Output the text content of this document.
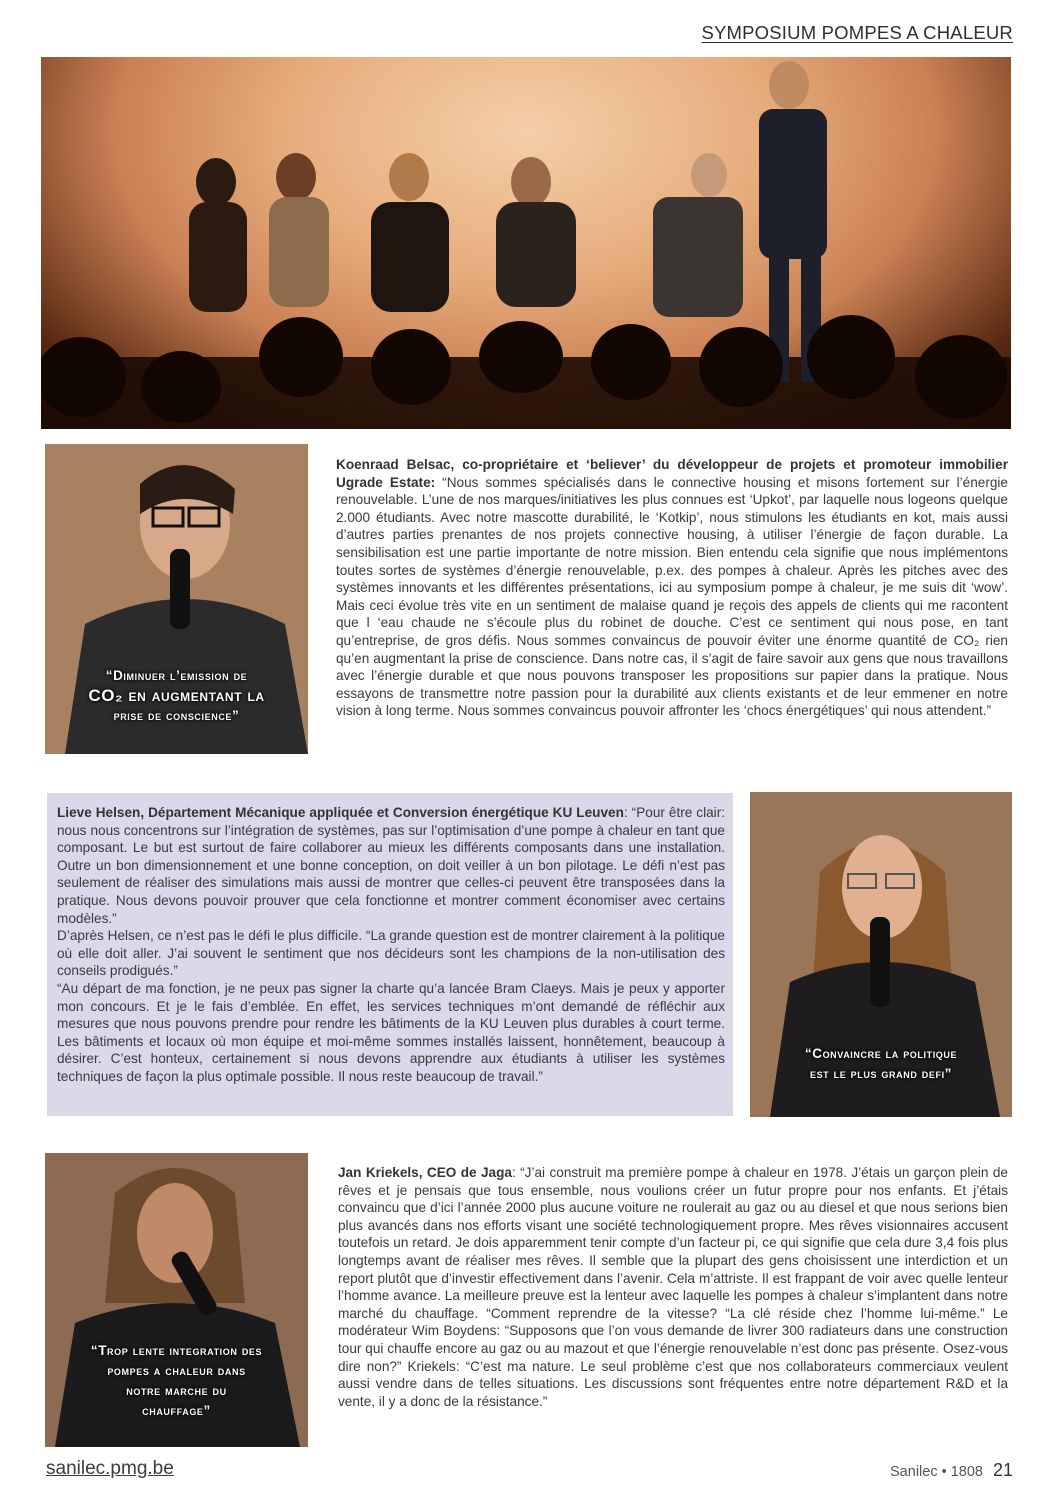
SYMPOSIUM POMPES A CHALEUR
“Diminuer l’emission de
CO₂ en augmentant la
prise de conscience”
Koenraad Belsac, co-propriétaire et ‘believer’ du développeur de projets et promoteur immobilier Ugrade Estate: “Nous sommes spécialisés dans le connective housing et misons fortement sur l’énergie renouvelable. L’une de nos marques/initiatives les plus connues est ‘Upkot’, par laquelle nous logeons quelque 2.000 étudiants. Avec notre mascotte durabilité, le ‘Kotkip’, nous stimulons les étudiants en kot, mais aussi d’autres parties prenantes de nos projets connective housing, à utiliser l’énergie de façon durable. La sensibilisation est une partie importante de notre mission. Bien entendu cela signifie que nous implémentons toutes sortes de systèmes d’énergie renouvelable, p.ex. des pompes à chaleur. Après les pitches avec des systèmes innovants et les différentes présentations, ici au symposium pompe à chaleur, je me suis dit ‘wow’. Mais ceci évolue très vite en un sentiment de malaise quand je reçois des appels de clients qui me racontent que l ‘eau chaude ne s’écoule plus du robinet de douche. C’est ce sentiment qui nous pose, en tant qu’entreprise, de gros défis. Nous sommes convaincus de pouvoir éviter une énorme quantité de CO₂ rien qu’en augmentant la prise de conscience. Dans notre cas, il s’agit de faire savoir aux gens que nous travaillons avec l’énergie durable et que nous pouvons transposer les propositions sur papier dans la pratique. Nous essayons de transmettre notre passion pour la durabilité aux clients existants et de leur emmener en notre vision à long terme. Nous sommes convaincus pouvoir affronter les ‘chocs énergétiques’ qui nous attendent.”
Lieve Helsen, Département Mécanique appliquée et Conversion énergétique KU Leuven: “Pour être clair: nous nous concentrons sur l’intégration de systèmes, pas sur l’optimisation d’une pompe à chaleur en tant que composant. Le but est surtout de faire collaborer au mieux les différents composants dans une installation. Outre un bon dimensionnement et une bonne conception, on doit veiller à un bon pilotage. Le défi n’est pas seulement de réaliser des simulations mais aussi de montrer que celles-ci peuvent être transposées dans la pratique. Nous devons pouvoir prouver que cela fonctionne et montrer comment économiser avec certains modèles.”
D’après Helsen, ce n’est pas le défi le plus difficile. “La grande question est de montrer clairement à la politique où elle doit aller. J’ai souvent le sentiment que nos décideurs sont les champions de la non-utilisation des conseils prodigués.”
“Au départ de ma fonction, je ne peux pas signer la charte qu’a lancée Bram Claeys. Mais je peux y apporter mon concours. Et je le fais d’emblée. En effet, les services techniques m’ont demandé de réfléchir aux mesures que nous pouvons prendre pour rendre les bâtiments de la KU Leuven plus durables à court terme. Les bâtiments et locaux où mon équipe et moi-même sommes installés laissent, honnêtement, beaucoup à désirer. C’est honteux, certainement si nous devons apprendre aux étudiants à utiliser les systèmes techniques de façon la plus optimale possible. Il nous reste beaucoup de travail.”
“Convaincre la politique
est le plus grand defi”
“Trop lente integration des
pompes a chaleur dans
notre marche du
chauffage”
Jan Kriekels, CEO de Jaga: “J’ai construit ma première pompe à chaleur en 1978. J’étais un garçon plein de rêves et je pensais que tous ensemble, nous voulions créer un futur propre pour nos enfants. Et j’étais convaincu que d’ici l’année 2000 plus aucune voiture ne roulerait au gaz ou au diesel et que nous serions bien plus avancés dans nos efforts visant une société technologiquement propre. Mes rêves visionnaires accusent toutefois un retard. Je dois apparemment tenir compte d’un facteur pi, ce qui signifie que cela dure 3,4 fois plus longtemps avant de réaliser mes rêves. Il semble que la plupart des gens choisissent une interdiction et un report plutôt que d’investir effectivement dans l’avenir. Cela m’attriste. Il est frappant de voir avec quelle lenteur l’homme avance. La meilleure preuve est la lenteur avec laquelle les pompes à chaleur s’implantent dans notre marché du chauffage. “Comment reprendre de la vitesse? “La clé réside chez l’homme lui-même.” Le modérateur Wim Boydens: “Supposons que l’on vous demande de livrer 300 radiateurs dans une construction tour qui chauffe encore au gaz ou au mazout et que l’énergie renouvelable n’est donc pas présente. Osez-vous dire non?” Kriekels: “C’est ma nature. Le seul problème c’est que nos collaborateurs commerciaux veulent aussi vendre dans de telles situations. Les discussions sont fréquentes entre notre département R&D et la vente, il y a donc de la résistance.”
sanilec.pmg.be	Sanilec • 1808 21
